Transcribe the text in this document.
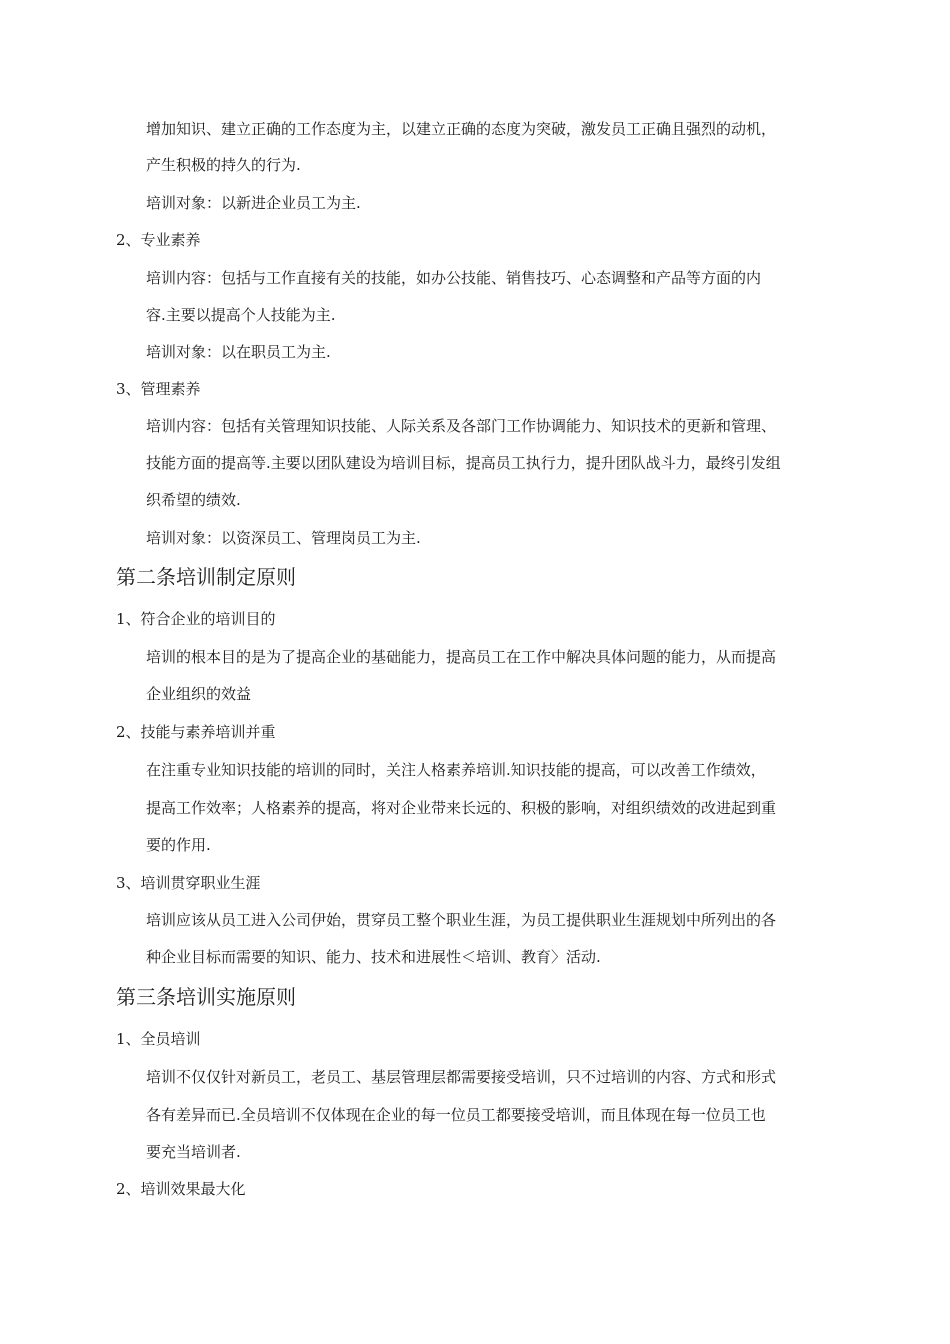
增加知识、建立正确的工作态度为主，以建立正确的态度为突破，激发员工正确且强烈的动机，
产生积极的持久的行为.
培训对象：以新进企业员工为主.
2、专业素养
培训内容：包括与工作直接有关的技能，如办公技能、销售技巧、心态调整和产品等方面的内
容.主要以提高个人技能为主.
培训对象：以在职员工为主.
3、管理素养
培训内容：包括有关管理知识技能、人际关系及各部门工作协调能力、知识技术的更新和管理、
技能方面的提高等.主要以团队建设为培训目标，提高员工执行力，提升团队战斗力，最终引发组
织希望的绩效.
培训对象：以资深员工、管理岗员工为主.
第二条培训制定原则
1、符合企业的培训目的
培训的根本目的是为了提高企业的基础能力，提高员工在工作中解决具体问题的能力，从而提高
企业组织的效益
2、技能与素养培训并重
在注重专业知识技能的培训的同时，关注人格素养培训.知识技能的提高，可以改善工作绩效，
提高工作效率；人格素养的提高，将对企业带来长远的、积极的影响，对组织绩效的改进起到重
要的作用.
3、培训贯穿职业生涯
培训应该从员工进入公司伊始，贯穿员工整个职业生涯，为员工提供职业生涯规划中所列出的各
种企业目标而需要的知识、能力、技术和进展性＜培训、教育〉活动.
第三条培训实施原则
1、全员培训
培训不仅仅针对新员工，老员工、基层管理层都需要接受培训，只不过培训的内容、方式和形式
各有差异而已.全员培训不仅体现在企业的每一位员工都要接受培训，而且体现在每一位员工也
要充当培训者.
2、培训效果最大化
